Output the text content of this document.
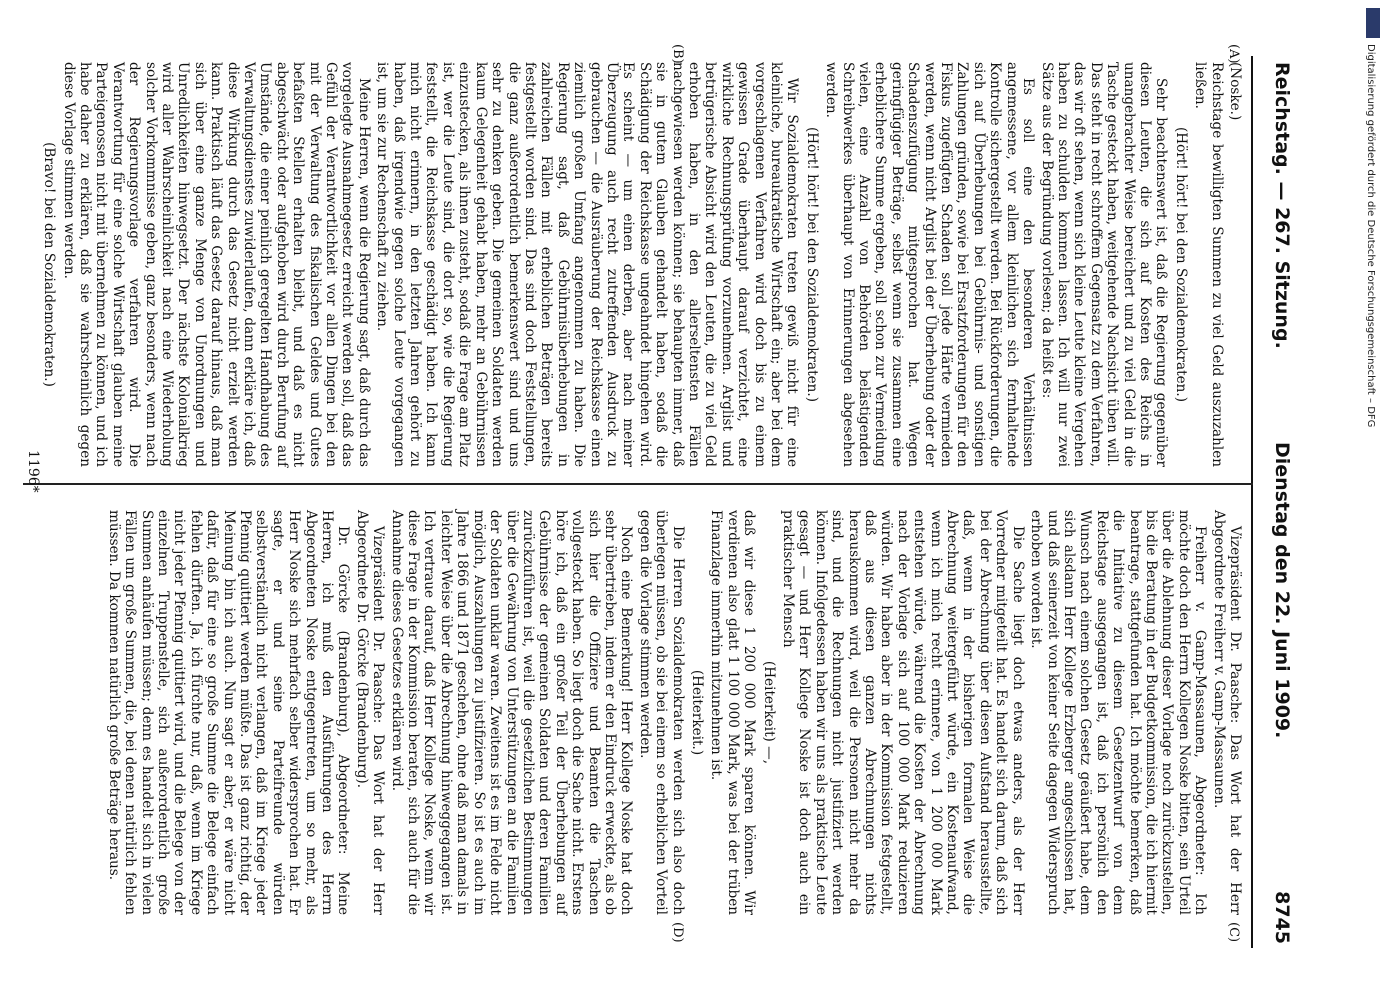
Reichstag. — 267. Sitzung.
Dienstag den 22. Juni 1909.
8745
(A)
(B)
(C)
(D)

(Noske.)

Reichstage bewilligten Summen zu viel Geld auszuzahlen ließen.

(Hört! hört! bei den Sozialdemokraten.)

Sehr beachtenswert ist, daß die Regierung gegenüber diesen Leuten, die sich auf Kosten des Reichs in unangebrachter Weise bereichert und zu viel Geld in die Tasche gesteckt haben, weitgehende Nachsicht üben will. Das steht in recht schroffem Gegensatz zu dem Verfahren, das wir oft sehen, wenn sich kleine Leute kleine Vergehen haben zu schulden kommen lassen. Ich will nur zwei Sätze aus der Begründung vorlesen; da heißt es:

Es soll eine den besonderen Verhältnissen angemessene, vor allem kleinlichen sich fernhaltende Kontrolle sichergestellt werden. Bei Rückforderungen, die sich auf Überhebungen bei Gebührnis- und sonstigen Zahlungen gründen, sowie bei Ersatzforderungen für den Fiskus zugefügten Schaden soll jede Härte vermieden werden, wenn nicht Arglist bei der Überhebung oder der Schadenszufügung mitgesprochen hat. Wegen geringfügiger Beträge, selbst wenn sie zusammen eine erheblichere Summe ergeben, soll schon zur Vermeidung vielen, eine Anzahl von Behörden belästigenden Schreibwerkes überhaupt von Erinnerungen abgesehen werden.

(Hört! hört! bei den Sozialdemokraten.)

Wir Sozialdemokraten treten gewiß nicht für eine kleinliche, bureaukratische Wirtschaft ein; aber bei dem vorgeschlagenen Verfahren wird doch bis zu einem gewissen Grade überhaupt darauf verzichtet, eine wirkliche Rechnungsprüfung vorzunehmen. Arglist und betrügerische Absicht wird den Leuten, die zu viel Geld erhoben haben, in den allerseltensten Fällen nachgewiesen werden können; sie behaupten immer, daß sie in gutem Glauben gehandelt haben, sodaß die Schädigung der Reichskasse ungeahndet hingehen wird. Es scheint — um einen derben, aber nach meiner Überzeugung auch recht zutreffenden Ausdruck zu gebrauchen — die Ausräuberung der Reichskasse einen ziemlich großen Umfang angenommen zu haben. Die Regierung sagt, daß Gebührnisüberhebungen in zahlreichen Fällen mit erheblichen Beträgen bereits festgestellt worden sind. Das sind doch Feststellungen, die ganz außerordentlich bemerkenswert sind und uns sehr zu denken geben. Die gemeinen Soldaten werden kaum Gelegenheit gehabt haben, mehr an Gebührnissen einzustecken, als ihnen zusteht, sodaß die Frage am Platz ist, wer die Leute sind, die dort so, wie die Regierung feststellt, die Reichskasse geschädigt haben. Ich kann mich nicht erinnern, in den letzten Jahren gehört zu haben, daß irgendwie gegen solche Leute vorgegangen ist, um sie zur Rechenschaft zu ziehen.

Meine Herren, wenn die Regierung sagt, daß durch das vorgelegte Ausnahmegesetz erreicht werden soll, daß das Gefühl der Verantwortlichkeit vor allen Dingen bei den mit der Verwaltung des fiskalischen Geldes und Gutes befaßten Stellen erhalten bleibt, und daß es nicht abgeschwächt oder aufgehoben wird durch Berufung auf Umstände, die einer peinlich geregelten Handhabung des Verwaltungsdienstes zuwiderlaufen, dann erkläre ich, daß diese Wirkung durch das Gesetz nicht erzielt werden kann. Praktisch läuft das Gesetz darauf hinaus, daß man sich über eine ganze Menge von Unordnungen und Unredlichkeiten hinwegsetzt. Der nächste Kolonialkrieg wird aller Wahrscheinlichkeit nach eine Wiederholung solcher Vorkommnisse geben, ganz besonders, wenn nach der Regierungsvorlage verfahren wird. Die Verantwortung für eine solche Wirtschaft glauben meine Parteigenossen nicht mit übernehmen zu können, und ich habe daher zu erklären, daß sie wahrscheinlich gegen diese Vorlage stimmen werden.

(Bravo! bei den Sozialdemokraten.)

Vizepräsident Dr. Paasche: Das Wort hat der Herr Abgeordnete Freiherr v. Gamp-Massaunen.

Freiherr v. Gamp-Massaunen, Abgeordneter: Ich möchte doch den Herrn Kollegen Noske bitten, sein Urteil über die Ablehnung dieser Vorlage noch zurückzustellen, bis die Beratung in der Budgetkommission, die ich hiermit beantrage, stattgefunden hat. Ich möchte bemerken, daß die Initiative zu diesem Gesetzentwurf von dem Reichstage ausgegangen ist, daß ich persönlich den Wunsch nach einem solchen Gesetz geäußert habe, dem sich alsdann Herr Kollege Erzberger angeschlossen hat, und daß seinerzeit von keiner Seite dagegen Widerspruch erhoben worden ist.

Die Sache liegt doch etwas anders, als der Herr Vorredner mitgeteilt hat. Es handelt sich darum, daß sich bei der Abrechnung über diesen Aufstand herausstellte, daß, wenn in der bisherigen formalen Weise die Abrechnung weitergeführt würde, ein Kostenaufwand, wenn ich mich recht erinnere, von 1 200 000 Mark entstehen würde, während die Kosten der Abrechnung nach der Vorlage sich auf 100 000 Mark reduzieren würden. Wir haben aber in der Kommission festgestellt, daß aus diesen ganzen Abrechnungen nichts herauskommen wird, weil die Personen nicht mehr da sind, und die Rechnungen nicht justifiziert werden können. Infolgedessen haben wir uns als praktische Leute gesagt — und Herr Kollege Noske ist doch auch ein praktischer Mensch

(Heiterkeit) —,

daß wir diese 1 200 000 Mark sparen können. Wir verdienen also glatt 1 100 000 Mark, was bei der trüben Finanzlage immerhin mitzunehmen ist.

(Heiterkeit.)

Die Herren Sozialdemokraten werden sich also doch überlegen müssen, ob sie bei einem so erheblichen Vorteil gegen die Vorlage stimmen werden.

Noch eine Bemerkung! Herr Kollege Noske hat doch sehr übertrieben, indem er den Eindruck erweckte, als ob sich hier die Offiziere und Beamten die Taschen vollgesteckt haben. So liegt doch die Sache nicht. Erstens höre ich, daß ein großer Teil der Überhebungen auf Gebührnisse der gemeinen Soldaten und deren Familien zurückzuführen ist, weil die gesetzlichen Bestimmungen über die Gewährung von Unterstützungen an die Familien der Soldaten unklar waren. Zweitens ist es im Felde nicht möglich, Auszahlungen zu justifizieren. So ist es auch im Jahre 1866 und 1871 geschehen, ohne daß man damals in leichter Weise über die Abrechnung hinweggegangen ist. Ich vertraue darauf, daß Herr Kollege Noske, wenn wir diese Frage in der Kommission beraten, sich auch für die Annahme dieses Gesetzes erklären wird.

Vizepräsident Dr. Paasche: Das Wort hat der Herr Abgeordnete Dr. Görcke (Brandenburg).

Dr. Görcke (Brandenburg), Abgeordneter: Meine Herren, ich muß den Ausführungen des Herrn Abgeordneten Noske entgegentreten, um so mehr, als Herr Noske sich mehrfach selber widersprochen hat. Er sagte, er und seine Parteifreunde würden selbstverständlich nicht verlangen, daß im Kriege jeder Pfennig quittiert werden müßte. Das ist ganz richtig, der Meinung bin ich auch. Nun sagt er aber, er wäre nicht dafür, daß für eine so große Summe die Belege einfach fehlen dürften. Ja, ich fürchte nur, daß, wenn im Kriege nicht jeder Pfennig quittiert wird, und die Belege von der einzelnen Truppenstelle, sich außerordentlich große Summen anhäufen müssen; denn es handelt sich in vielen Fällen um große Summen, die, bei denen natürlich fehlen müssen. Da kommen natürlich große Beträge heraus.

1196*
Digitalisierung gefördert durch die Deutsche Forschungsgemeinschaft – DFG
